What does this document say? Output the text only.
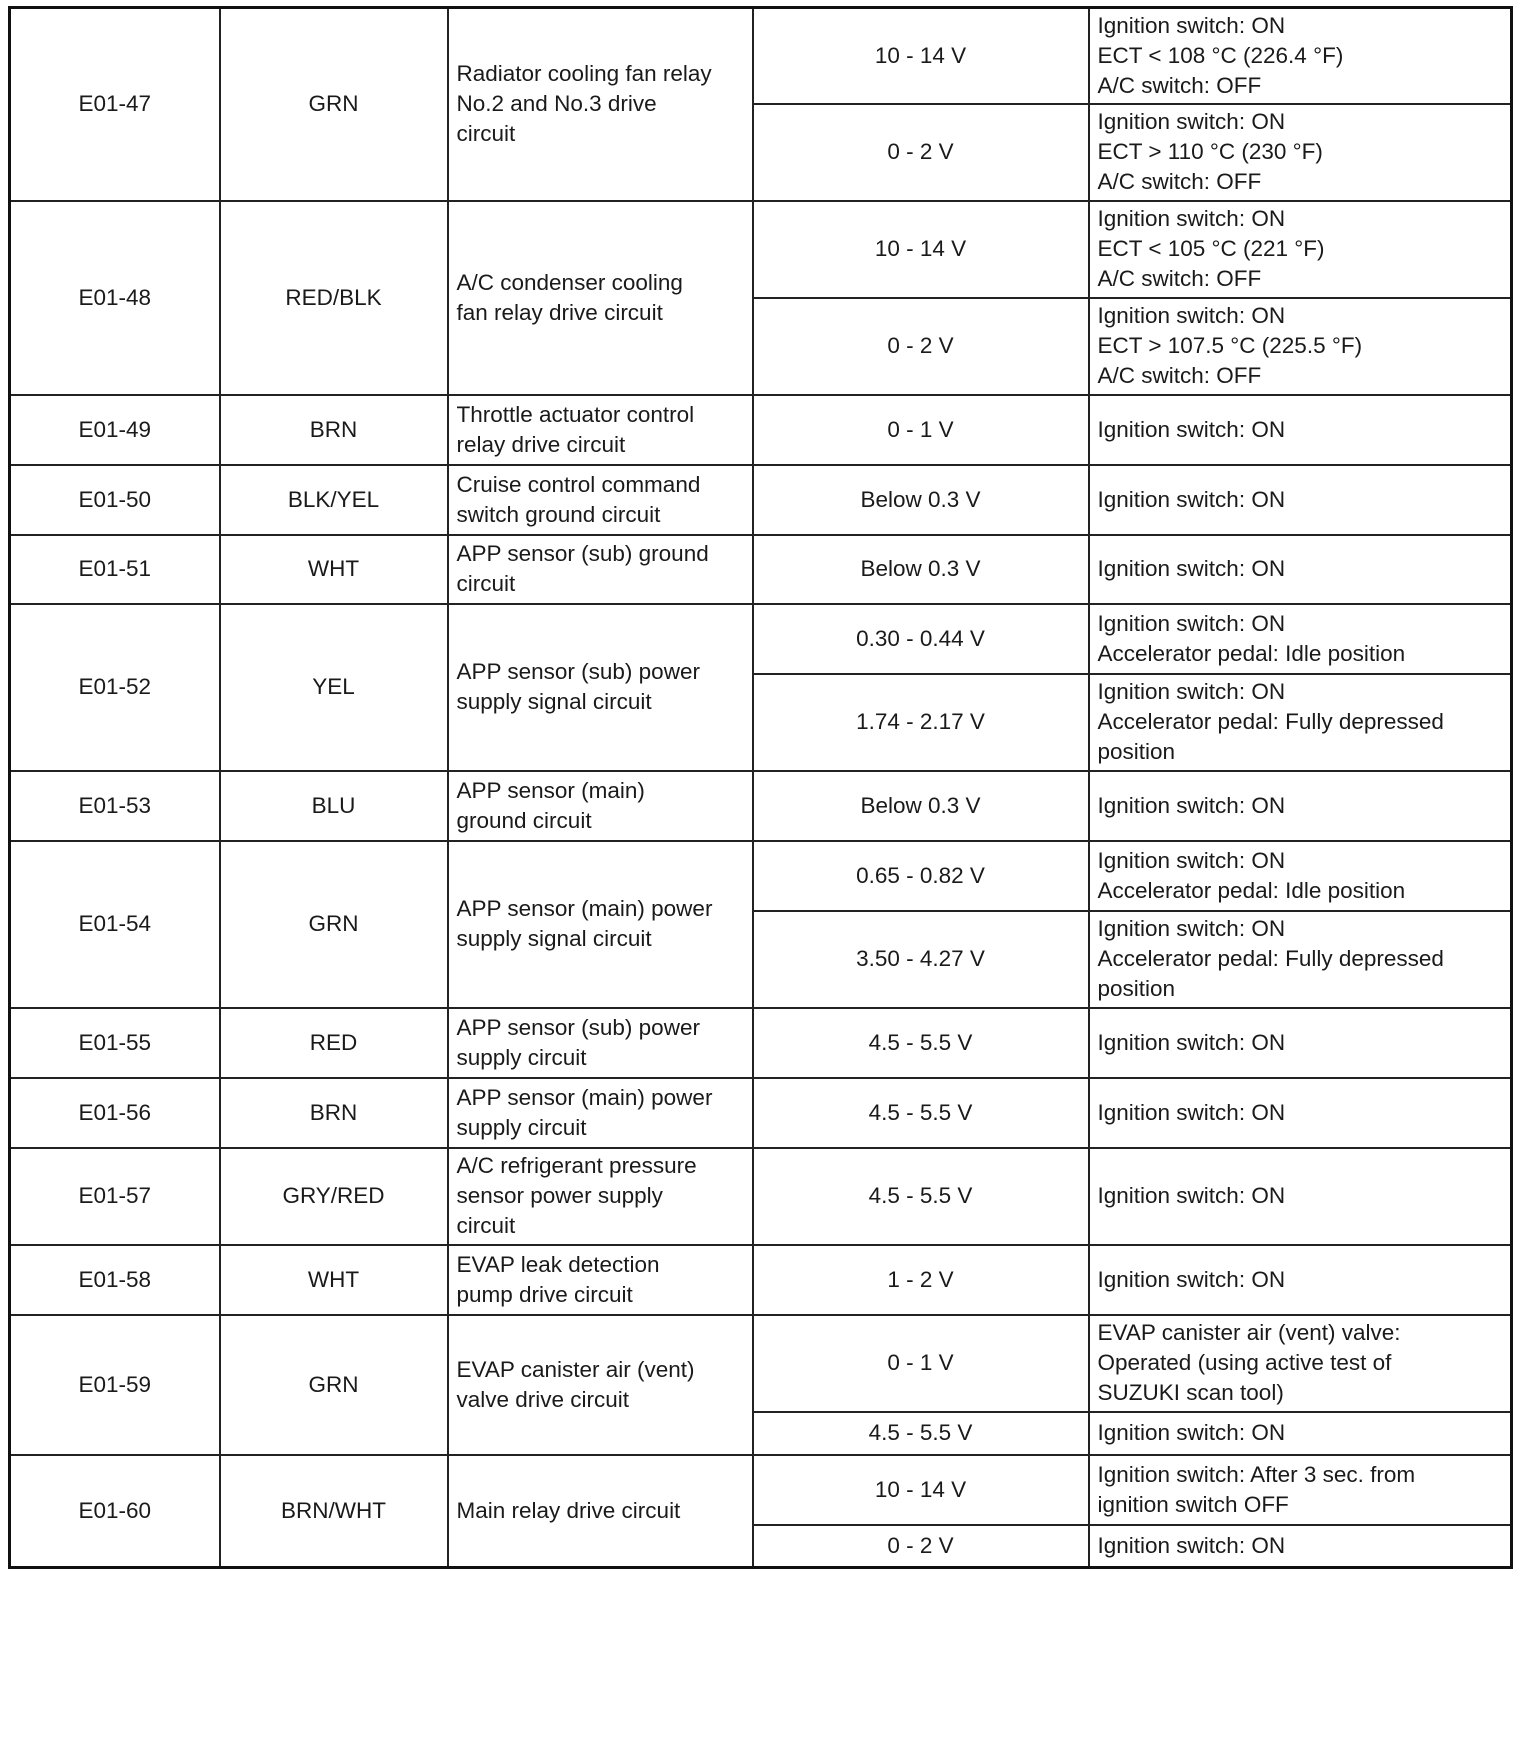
E01-47	GRN	Radiator cooling fan relay
No.2 and No.3 drive
circuit	10 - 14 V	Ignition switch: ON
ECT < 108 °C (226.4 °F)
A/C switch: OFF
			0 - 2 V	Ignition switch: ON
ECT > 110 °C (230 °F)
A/C switch: OFF
E01-48	RED/BLK	A/C condenser cooling
fan relay drive circuit	10 - 14 V	Ignition switch: ON
ECT < 105 °C (221 °F)
A/C switch: OFF
			0 - 2 V	Ignition switch: ON
ECT > 107.5 °C (225.5 °F)
A/C switch: OFF
E01-49	BRN	Throttle actuator control
relay drive circuit	0 - 1 V	Ignition switch: ON
E01-50	BLK/YEL	Cruise control command
switch ground circuit	Below 0.3 V	Ignition switch: ON
E01-51	WHT	APP sensor (sub) ground
circuit	Below 0.3 V	Ignition switch: ON
E01-52	YEL	APP sensor (sub) power
supply signal circuit	0.30 - 0.44 V	Ignition switch: ON
Accelerator pedal: Idle position
			1.74 - 2.17 V	Ignition switch: ON
Accelerator pedal: Fully depressed
position
E01-53	BLU	APP sensor (main)
ground circuit	Below 0.3 V	Ignition switch: ON
E01-54	GRN	APP sensor (main) power
supply signal circuit	0.65 - 0.82 V	Ignition switch: ON
Accelerator pedal: Idle position
			3.50 - 4.27 V	Ignition switch: ON
Accelerator pedal: Fully depressed
position
E01-55	RED	APP sensor (sub) power
supply circuit	4.5 - 5.5 V	Ignition switch: ON
E01-56	BRN	APP sensor (main) power
supply circuit	4.5 - 5.5 V	Ignition switch: ON
E01-57	GRY/RED	A/C refrigerant pressure
sensor power supply
circuit	4.5 - 5.5 V	Ignition switch: ON
E01-58	WHT	EVAP leak detection
pump drive circuit	1 - 2 V	Ignition switch: ON
E01-59	GRN	EVAP canister air (vent)
valve drive circuit	0 - 1 V	EVAP canister air (vent) valve:
Operated (using active test of
SUZUKI scan tool)
			4.5 - 5.5 V	Ignition switch: ON
E01-60	BRN/WHT	Main relay drive circuit	10 - 14 V	Ignition switch: After 3 sec. from
ignition switch OFF
			0 - 2 V	Ignition switch: ON
